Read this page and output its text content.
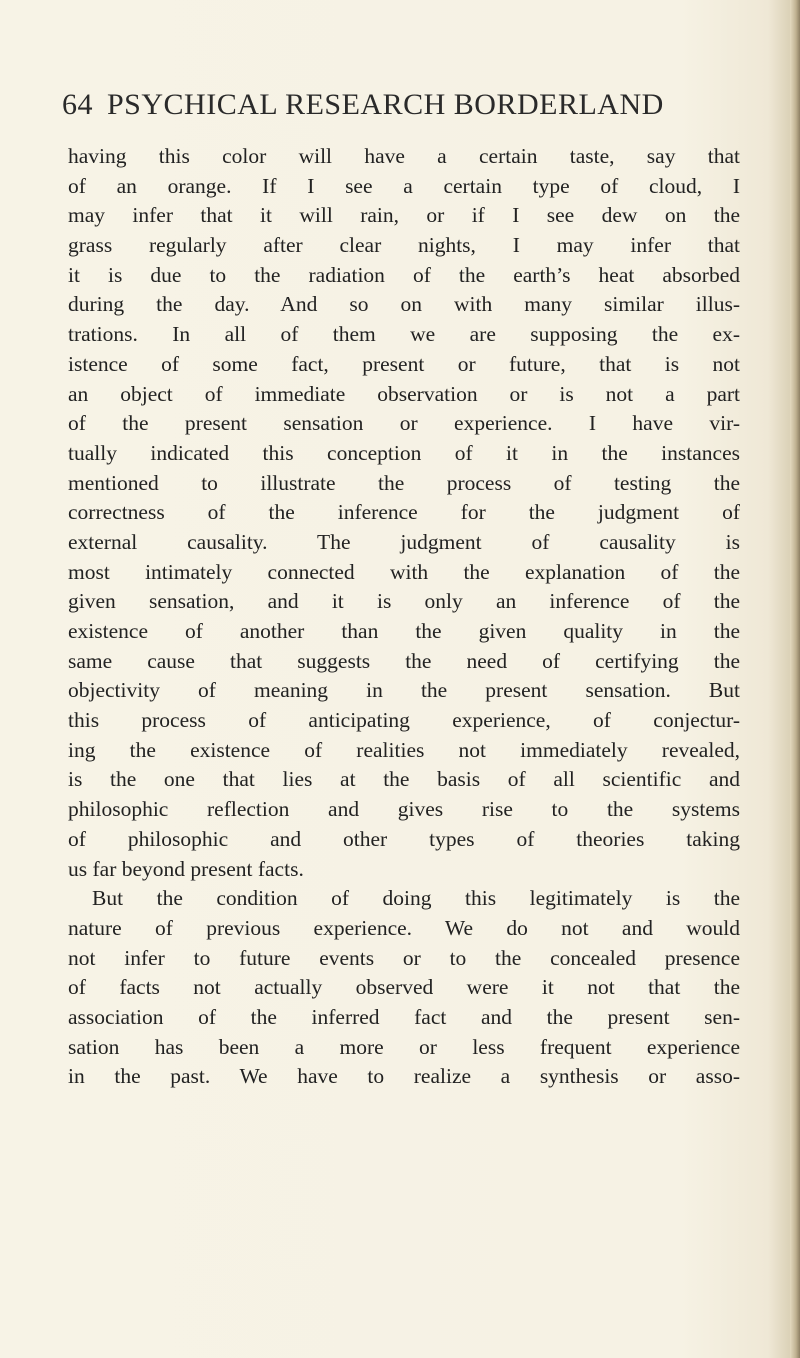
64 PSYCHICAL RESEARCH BORDERLAND
having this color will have a certain taste, say that
of an orange. If I see a certain type of cloud, I
may infer that it will rain, or if I see dew on the
grass regularly after clear nights, I may infer that
it is due to the radiation of the earth’s heat absorbed
during the day. And so on with many similar illus-
trations. In all of them we are supposing the ex-
istence of some fact, present or future, that is not
an object of immediate observation or is not a part
of the present sensation or experience. I have vir-
tually indicated this conception of it in the instances
mentioned to illustrate the process of testing the
correctness of the inference for the judgment of
external causality. The judgment of causality is
most intimately connected with the explanation of the
given sensation, and it is only an inference of the
existence of another than the given quality in the
same cause that suggests the need of certifying the
objectivity of meaning in the present sensation. But
this process of anticipating experience, of conjectur-
ing the existence of realities not immediately revealed,
is the one that lies at the basis of all scientific and
philosophic reflection and gives rise to the systems
of philosophic and other types of theories taking
us far beyond present facts.
But the condition of doing this legitimately is the
nature of previous experience. We do not and would
not infer to future events or to the concealed presence
of facts not actually observed were it not that the
association of the inferred fact and the present sen-
sation has been a more or less frequent experience
in the past. We have to realize a synthesis or asso-
